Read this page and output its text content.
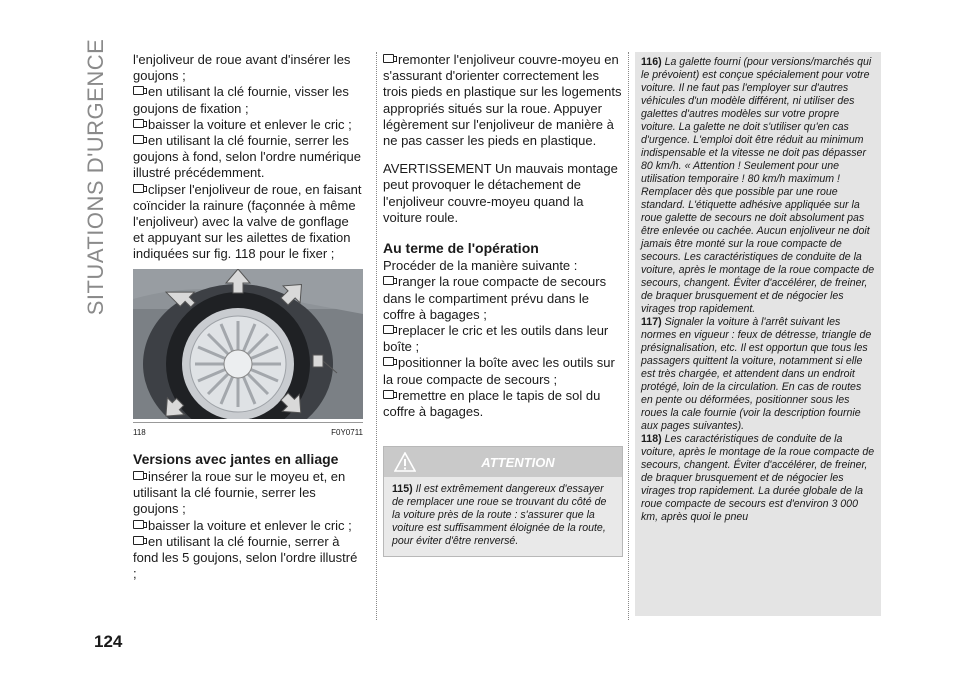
SITUATIONS D'URGENCE
124

l'enjoliveur de roue avant d'insérer les goujons ;

en utilisant la clé fournie, visser les goujons de fixation ;

baisser la voiture et enlever le cric ;

en utilisant la clé fournie, serrer les goujons à fond, selon l'ordre numérique illustré précédemment.

clipser l'enjoliveur de roue, en faisant coïncider la rainure (façonnée à même l'enjoliveur) avec la valve de gonflage et appuyant sur les ailettes de fixation indiquées sur fig. 118 pour le fixer ;

118	F0Y0711
Versions avec jantes en alliage

insérer la roue sur le moyeu et, en utilisant la clé fournie, serrer les goujons ;

baisser la voiture et enlever le cric ;

en utilisant la clé fournie, serrer à fond les 5 goujons, selon l'ordre illustré ;

remonter l'enjoliveur couvre-moyeu en s'assurant d'orienter correctement les trois pieds en plastique sur les logements appropriés situés sur la roue. Appuyer légèrement sur l'enjoliveur de manière à ne pas casser les pieds en plastique.

AVERTISSEMENT Un mauvais montage peut provoquer le détachement de l'enjoliveur couvre-moyeu quand la voiture roule.

Au terme de l'opération

Procéder de la manière suivante :

ranger la roue compacte de secours dans le compartiment prévu dans le coffre à bagages ;

replacer le cric et les outils dans leur boîte ;

positionner la boîte avec les outils sur la roue compacte de secours ;

remettre en place le tapis de sol du coffre à bagages.

ATTENTION
115) Il est extrêmement dangereux d'essayer de remplacer une roue se trouvant du côté de la voiture près de la route : s'assurer que la voiture est suffisamment éloignée de la route, pour éviter d'être renversé.

116) La galette fourni (pour versions/marchés qui le prévoient) est conçue spécialement pour votre voiture. Il ne faut pas l'employer sur d'autres véhicules d'un modèle différent, ni utiliser des galettes d'autres modèles sur votre propre voiture. La galette ne doit s'utiliser qu'en cas d'urgence. L'emploi doit être réduit au minimum indispensable et la vitesse ne doit pas dépasser 80 km/h. « Attention ! Seulement pour une utilisation temporaire ! 80 km/h maximum ! Remplacer dès que possible par une roue standard. L'étiquette adhésive appliquée sur la roue galette de secours ne doit absolument pas être enlevée ou cachée. Aucun enjoliveur ne doit jamais être monté sur la roue compacte de secours. Les caractéristiques de conduite de la voiture, après le montage de la roue compacte de secours, changent. Éviter d'accélérer, de freiner, de braquer brusquement et de négocier les virages trop rapidement.

117) Signaler la voiture à l'arrêt suivant les normes en vigueur : feux de détresse, triangle de présignalisation, etc. Il est opportun que tous les passagers quittent la voiture, notamment si elle est très chargée, et attendent dans un endroit protégé, loin de la circulation. En cas de routes en pente ou déformées, positionner sous les roues la cale fournie (voir la description fournie aux pages suivantes).

118) Les caractéristiques de conduite de la voiture, après le montage de la roue compacte de secours, changent. Éviter d'accélérer, de freiner, de braquer brusquement et de négocier les virages trop rapidement. La durée globale de la roue compacte de secours est d'environ 3 000 km, après quoi le pneu
